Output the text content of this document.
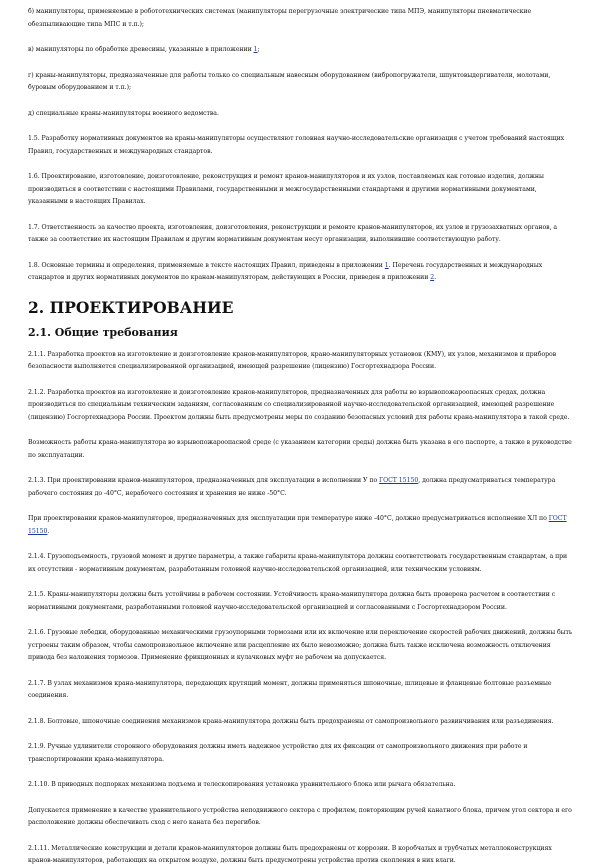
б) манипуляторы, применяемые в робототехнических системах (манипуляторы перегрузочные электрические типа МПЭ, манипуляторы пневматические обезпыливающие типа МПС и т.п.);

в) манипуляторы по обработке древесины, указанные в приложении 1;

г) краны-манипуляторы, предназначенные для работы только со специальным навесным оборудованием (вибропогружатели, шпунтовыдергиватели, молотами, буровым оборудованием и т.п.);

д) специальные краны-манипуляторы военного ведомства.

1.5. Разработку нормативных документов на краны-манипуляторы осуществляют головная научно-исследовательские организация с учетом требований настоящих Правил, государственных и международных стандартов.

1.6. Проектирование, изготовление, доизготовление, реконструкция и ремонт кранов-манипуляторов и их узлов, поставляемых как готовые изделия, должны производиться в соответствии с настоящими Правилами, государственными и межгосударственными стандартами и другими нормативными документами, указанными в настоящих Правилах.

1.7. Ответственность за качество проекта, изготовления, доизготовления, реконструкции и ремонте кранов-манипуляторов, их узлов и грузозахватных органов, а также за соответствие их настоящим Правилам и другим нормативным документам несут организации, выполнившие соответствующую работу.

1.8. Основные термины и определения, применяемые в тексте настоящих Правил, приведены в приложении 1. Перечень государственных и международных стандартов и других нормативных документов по кранам-манипуляторам, действующих в России, приведен в приложении 2.

2. ПРОЕКТИРОВАНИЕ
2.1. Общие требования

2.1.1. Разработка проектов на изготовление и доизготовление кранов-манипуляторов, крано-манипуляторных установок (КМУ), их узлов, механизмов и приборов безопасности выполняется специализированной организацией, имеющей разрешение (лицензию) Госгортехнадзора России.

2.1.2. Разработка проектов на изготовление и доизготовление кранов-манипуляторов, предназначенных для работы во взрывопожароопасных средах, должна производиться по специальным техническим заданиям, согласованным со специализированной научно-исследовательской организацией, имеющей разрешение (лицензию) Госгортехнадзора России. Проектом должны быть предусмотрены меры по созданию безопасных условий для работы крана-манипулятора в такой среде.

Возможность работы крана-манипулятора во взрывопожароопасной среде (с указанием категории среды) должна быть указана в его паспорте, а также в руководстве по эксплуатации.

2.1.3. При проектировании кранов-манипуляторов, предназначенных для эксплуатации в исполнении У по ГОСТ 15150, должна предусматриваться температура рабочего состояния до -40°С, нерабочего состояния и хранения не ниже -50°С.

При проектировании кранов-манипуляторов, предназначенных для эксплуатации при температуре ниже -40°С, должно предусматриваться исполнение ХЛ по ГОСТ 15150.

2.1.4. Грузоподъемность, грузовой момент и другие параметры, а также габариты крана-манипулятора должны соответствовать государственным стандартам, а при их отсутствии - нормативным документам, разработанным головной научно-исследовательской организацией, или техническим условиям.

2.1.5. Краны-манипуляторы должны быть устойчивы в рабочем состоянии. Устойчивость крана-манипулятора должна быть проверена расчетом в соответствии с нормативными документами, разработанными головной научно-исследовательской организацией и согласованными с Госгортехнадзором России.

2.1.6. Грузовые лебедки, оборудованные механическими грузоупорными тормозами или их включение или переключение скоростей рабочих движений, должны быть устроены таким образом, чтобы самопроизвольное включение или расцепление их было невозможно; должна быть также исключена возможность отключения привода без наложения тормозов. Применение фрикционных и кулачковых муфт не рабочем на допускается.

2.1.7. В узлах механизмов крана-манипулятора, передающих крутящий момент, должны применяться шпоночные, шлицевые и фланцевые болтовые разъемные соединения.

2.1.8. Болтовые, шпоночные соединения механизмов крана-манипулятора должны быть предохранены от самопроизвольного развинчивания или разъединения.

2.1.9. Ручные удлинители сторонного оборудования должны иметь надежное устройство для их фиксации от самопроизвольного движения при работе и транспортировании крана-манипулятора.

2.1.10. В приводных подпорках механизма подъема и телескопирования установка уравнительного блока или рычага обязательна.

Допускается применение в качестве уравнительного устройства неподвижного сектора с профилем, повторяющим ручей канатного блока, причем угол сектора и его расположение должны обеспечивать сход с него каната без перегибов.

2.1.11. Металлические конструкции и детали кранов-манипуляторов должны быть предохранены от коррозии. В коробчатых и трубчатых металлоконструкциях кранов-манипуляторов, работающих на открытом воздухе, должны быть предусмотрены устройства против скопления в них влаги.
